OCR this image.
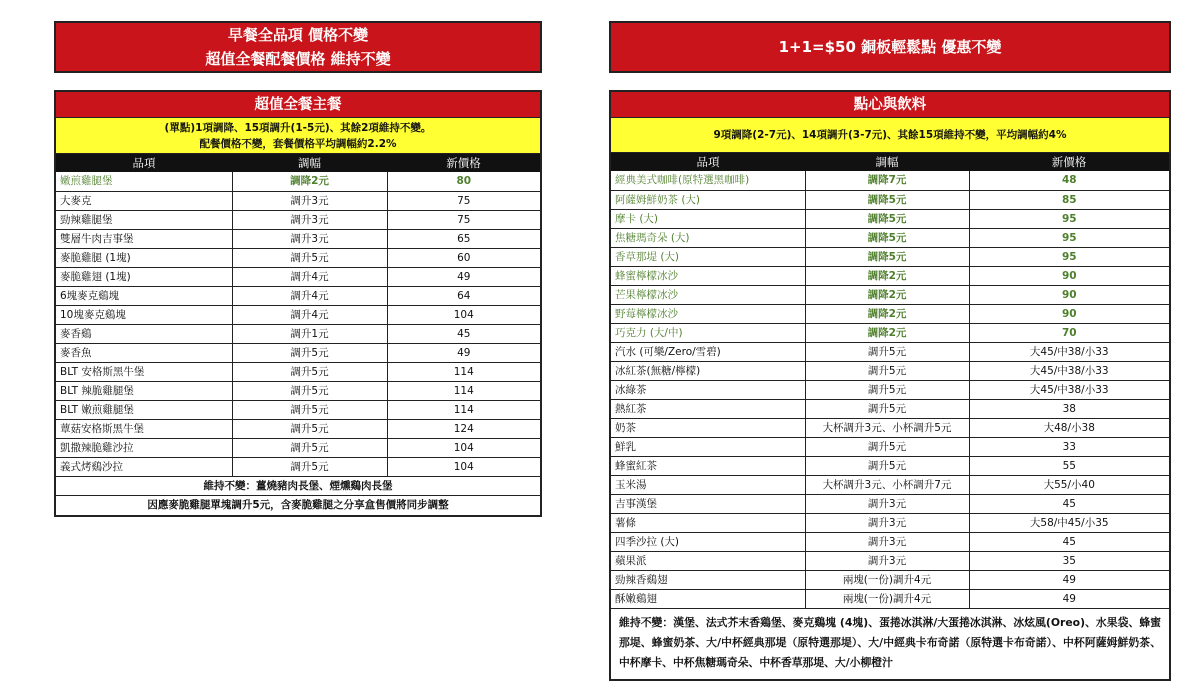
早餐全品項 價格不變
超值全餐配餐價格 維持不變
1+1=$50 銅板輕鬆點 優惠不變
超值全餐主餐
(單點)1項調降、15項調升(1-5元)、其餘2項維持不變。
配餐價格不變，套餐價格平均調幅約2.2%
品項	調幅	新價格
嫩煎雞腿堡	調降2元	80
大麥克	調升3元	75
勁辣雞腿堡	調升3元	75
雙層牛肉吉事堡	調升3元	65
麥脆雞腿 (1塊)	調升5元	60
麥脆雞翅 (1塊)	調升4元	49
6塊麥克鷄塊	調升4元	64
10塊麥克鷄塊	調升4元	104
麥香鷄	調升1元	45
麥香魚	調升5元	49
BLT 安格斯黑牛堡	調升5元	114
BLT 辣脆雞腿堡	調升5元	114
BLT 嫩煎雞腿堡	調升5元	114
蕈菇安格斯黑牛堡	調升5元	124
凱撒辣脆雞沙拉	調升5元	104
義式烤鷄沙拉	調升5元	104
維持不變：薑燒豬肉長堡、煙燻鷄肉長堡
因應麥脆雞腿單塊調升5元，含麥脆雞腿之分享盒售價將同步調整
點心與飲料
9項調降(2-7元)、14項調升(3-7元)、其餘15項維持不變，平均調幅約4%
品項	調幅	新價格
經典美式咖啡(原特選黑咖啡)	調降7元	48
阿薩姆鮮奶茶 (大)	調降5元	85
摩卡 (大)	調降5元	95
焦糖瑪奇朵 (大)	調降5元	95
香草那堤 (大)	調降5元	95
蜂蜜檸檬冰沙	調降2元	90
芒果檸檬冰沙	調降2元	90
野莓檸檬冰沙	調降2元	90
巧克力 (大/中)	調降2元	70
汽水 (可樂/Zero/雪碧)	調升5元	大45/中38/小33
冰紅茶(無糖/檸檬)	調升5元	大45/中38/小33
冰綠茶	調升5元	大45/中38/小33
熱紅茶	調升5元	38
奶茶	大杯調升3元、小杯調升5元	大48/小38
鮮乳	調升5元	33
蜂蜜紅茶	調升5元	55
玉米湯	大杯調升3元、小杯調升7元	大55/小40
吉事漢堡	調升3元	45
薯條	調升3元	大58/中45/小35
四季沙拉 (大)	調升3元	45
蘋果派	調升3元	35
勁辣香鷄翅	兩塊(一份)調升4元	49
酥嫩鷄翅	兩塊(一份)調升4元	49
維持不變：漢堡、法式芥末香鶏堡、麥克鷄塊 (4塊)、蛋捲冰淇淋/大蛋捲冰淇淋、冰炫風(Oreo)、水果袋、蜂蜜那堤、蜂蜜奶茶、大/中杯經典那堤（原特選那堤）、大/中經典卡布奇諾（原特選卡布奇諾）、中杯阿薩姆鮮奶茶、中杯摩卡、中杯焦糖瑪奇朵、中杯香草那堤、大/小柳橙汁
